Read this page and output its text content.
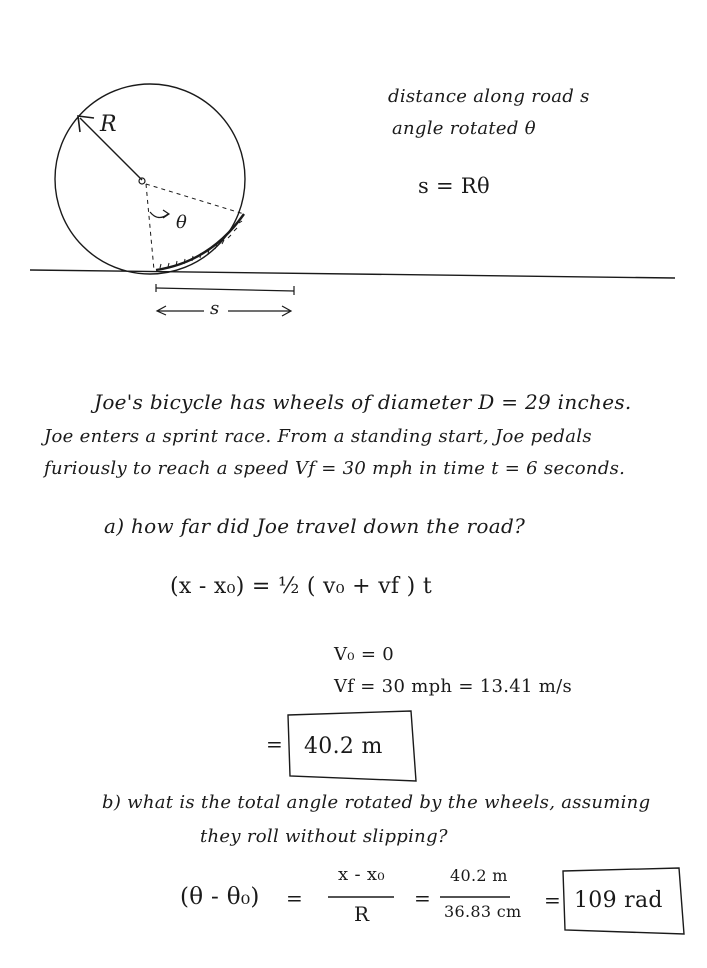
R
θ
s
distance along road s
angle rotated θ
s = Rθ
Joe's bicycle has wheels of diameter D = 29 inches.
Joe enters a sprint race. From a standing start, Joe pedals
furiously to reach a speed Vf = 30 mph in time t = 6 seconds.
a) how far did Joe travel down the road?
(x - x₀) = ½ ( v₀ + vf ) t
V₀ = 0
Vf = 30 mph = 13.41 m/s
= 40.2 m
b) what is the total angle rotated by the wheels, assuming
they roll without slipping?
(θ - θ₀) =
x - x₀
R
=
40.2 m
36.83 cm = 109 rad
